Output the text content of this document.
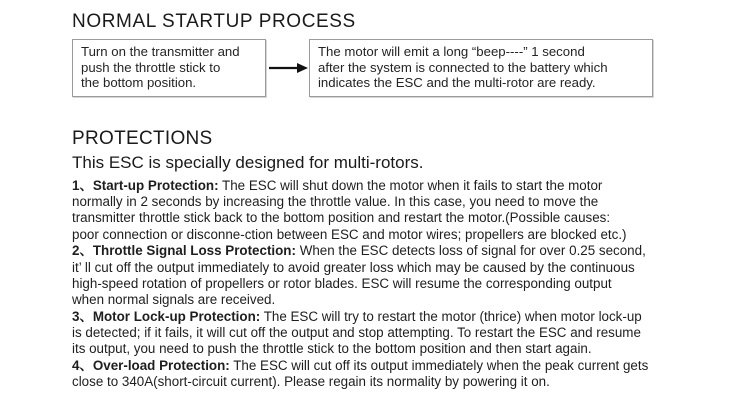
NORMAL STARTUP PROCESS
Turn on the transmitter and
push the throttle stick to
the bottom position.
The motor will emit a long “beep----” 1 second
after the system is connected to the battery which
indicates the ESC and the multi-rotor are ready.
PROTECTIONS
This ESC is specially designed for multi-rotors.

1、Start-up Protection: The ESC will shut down the motor when it fails to start the motor
normally in 2 seconds by increasing the throttle value. In this case, you need to move the
transmitter throttle stick back to the bottom position and restart the motor.(Possible causes:
poor connection or disconne-ction between ESC and motor wires; propellers are blocked etc.)

2、Throttle Signal Loss Protection: When the ESC detects loss of signal for over 0.25 second,
it’ ll cut off the output immediately to avoid greater loss which may be caused by the continuous
high-speed rotation of propellers or rotor blades. ESC will resume the corresponding output
when normal signals are received.

3、Motor Lock-up Protection: The ESC will try to restart the motor (thrice) when motor lock-up
is detected; if it fails, it will cut off the output and stop attempting. To restart the ESC and resume
its output, you need to push the throttle stick to the bottom position and then start again.

4、Over-load Protection: The ESC will cut off its output immediately when the peak current gets
close to 340A(short-circuit current). Please regain its normality by powering it on.
